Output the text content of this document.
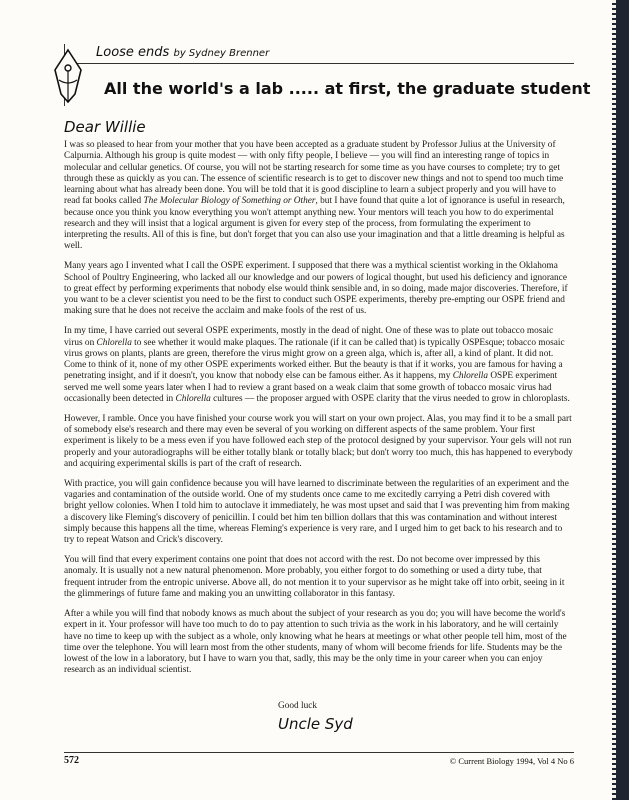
Loose ends by Sydney Brenner
All the world's a lab ..... at first, the graduate student
Dear Willie

I was so pleased to hear from your mother that you have been accepted as a graduate student by Professor Julius at the University of Calpurnia. Although his group is quite modest — with only fifty people, I believe — you will find an interesting range of topics in molecular and cellular genetics. Of course, you will not be starting research for some time as you have courses to complete; try to get through these as quickly as you can. The essence of scientific research is to get to discover new things and not to spend too much time learning about what has already been done. You will be told that it is good discipline to learn a subject properly and you will have to read fat books called The Molecular Biology of Something or Other, but I have found that quite a lot of ignorance is useful in research, because once you think you know everything you won't attempt anything new. Your mentors will teach you how to do experimental research and they will insist that a logical argument is given for every step of the process, from formulating the experiment to interpreting the results. All of this is fine, but don't forget that you can also use your imagination and that a little dreaming is helpful as well.

Many years ago I invented what I call the OSPE experiment. I supposed that there was a mythical scientist working in the Oklahoma School of Poultry Engineering, who lacked all our knowledge and our powers of logical thought, but used his deficiency and ignorance to great effect by performing experiments that nobody else would think sensible and, in so doing, made major discoveries. Therefore, if you want to be a clever scientist you need to be the first to conduct such OSPE experiments, thereby pre-empting our OSPE friend and making sure that he does not receive the acclaim and make fools of the rest of us.

In my time, I have carried out several OSPE experiments, mostly in the dead of night. One of these was to plate out tobacco mosaic virus on Chlorella to see whether it would make plaques. The rationale (if it can be called that) is typically OSPEsque; tobacco mosaic virus grows on plants, plants are green, therefore the virus might grow on a green alga, which is, after all, a kind of plant. It did not. Come to think of it, none of my other OSPE experiments worked either. But the beauty is that if it works, you are famous for having a penetrating insight, and if it doesn't, you know that nobody else can be famous either. As it happens, my Chlorella OSPE experiment served me well some years later when I had to review a grant based on a weak claim that some growth of tobacco mosaic virus had occasionally been detected in Chlorella cultures — the proposer argued with OSPE clarity that the virus needed to grow in chloroplasts.

However, I ramble. Once you have finished your course work you will start on your own project. Alas, you may find it to be a small part of somebody else's research and there may even be several of you working on different aspects of the same problem. Your first experiment is likely to be a mess even if you have followed each step of the protocol designed by your supervisor. Your gels will not run properly and your autoradiographs will be either totally blank or totally black; but don't worry too much, this has happened to everybody and acquiring experimental skills is part of the craft of research.

With practice, you will gain confidence because you will have learned to discriminate between the regularities of an experiment and the vagaries and contamination of the outside world. One of my students once came to me excitedly carrying a Petri dish covered with bright yellow colonies. When I told him to autoclave it immediately, he was most upset and said that I was preventing him from making a discovery like Fleming's discovery of penicillin. I could bet him ten billion dollars that this was contamination and without interest simply because this happens all the time, whereas Fleming's experience is very rare, and I urged him to get back to his research and to try to repeat Watson and Crick's discovery.

You will find that every experiment contains one point that does not accord with the rest. Do not become over impressed by this anomaly. It is usually not a new natural phenomenon. More probably, you either forgot to do something or used a dirty tube, that frequent intruder from the entropic universe. Above all, do not mention it to your supervisor as he might take off into orbit, seeing in it the glimmerings of future fame and making you an unwitting collaborator in this fantasy.

After a while you will find that nobody knows as much about the subject of your research as you do; you will have become the world's expert in it. Your professor will have too much to do to pay attention to such trivia as the work in his laboratory, and he will certainly have no time to keep up with the subject as a whole, only knowing what he hears at meetings or what other people tell him, most of the time over the telephone. You will learn most from the other students, many of whom will become friends for life. Students may be the lowest of the low in a laboratory, but I have to warn you that, sadly, this may be the only time in your career when you can enjoy research as an individual scientist.

Good luck
Uncle Syd
572	© Current Biology 1994, Vol 4 No 6
